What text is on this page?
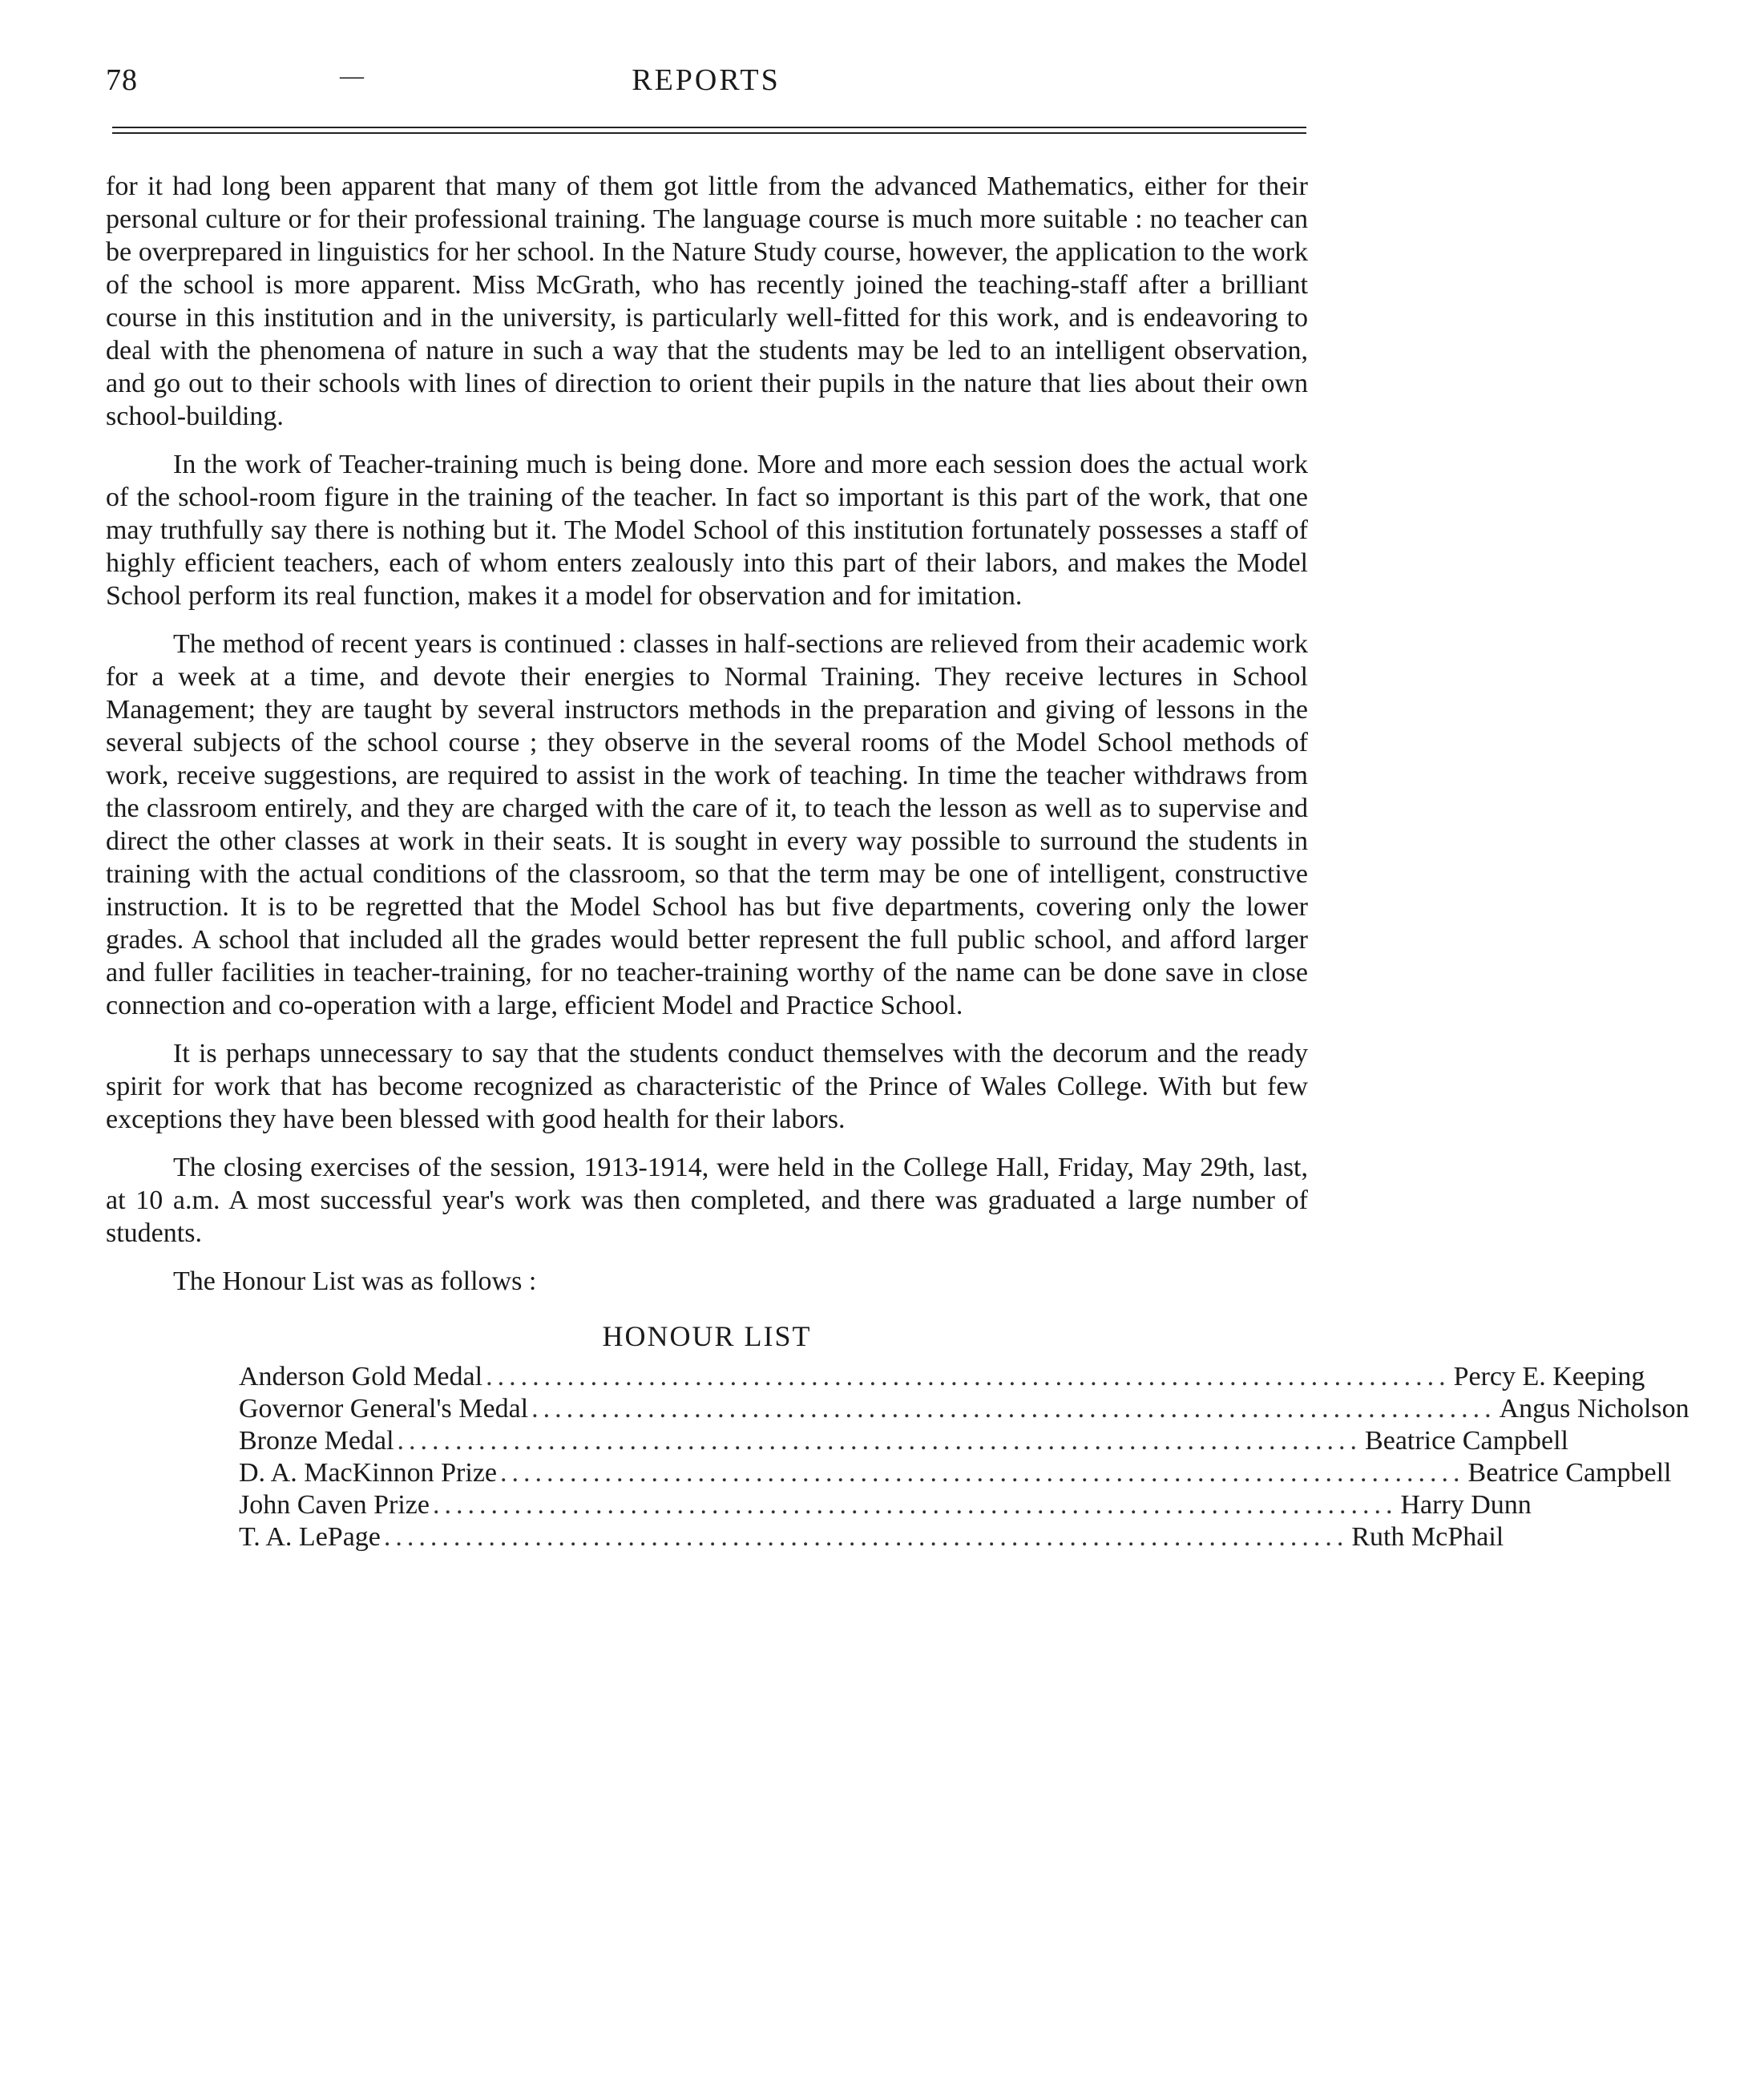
78	—	REPORTS

for it had long been apparent that many of them got little from the advanced Mathematics, either for their personal culture or for their professional training. The language course is much more suitable : no teacher can be overprepared in linguistics for her school. In the Nature Study course, however, the application to the work of the school is more apparent. Miss McGrath, who has recently joined the teaching-staff after a brilliant course in this institution and in the university, is particularly well-fitted for this work, and is endeavoring to deal with the phenomena of nature in such a way that the students may be led to an intelligent observation, and go out to their schools with lines of direction to orient their pupils in the nature that lies about their own school-building.

In the work of Teacher-training much is being done. More and more each session does the actual work of the school-room figure in the training of the teacher. In fact so important is this part of the work, that one may truthfully say there is nothing but it. The Model School of this institution fortunately possesses a staff of highly efficient teachers, each of whom enters zealously into this part of their labors, and makes the Model School perform its real function, makes it a model for observation and for imitation.

The method of recent years is continued : classes in half-sections are relieved from their academic work for a week at a time, and devote their energies to Normal Training. They receive lectures in School Management; they are taught by several instructors methods in the preparation and giving of lessons in the several subjects of the school course ; they observe in the several rooms of the Model School methods of work, receive suggestions, are required to assist in the work of teaching. In time the teacher withdraws from the classroom entirely, and they are charged with the care of it, to teach the lesson as well as to supervise and direct the other classes at work in their seats. It is sought in every way possible to surround the students in training with the actual conditions of the classroom, so that the term may be one of intelligent, constructive instruction. It is to be regretted that the Model School has but five departments, covering only the lower grades. A school that included all the grades would better represent the full public school, and afford larger and fuller facilities in teacher-training, for no teacher-training worthy of the name can be done save in close connection and co-operation with a large, efficient Model and Practice School.

It is perhaps unnecessary to say that the students conduct themselves with the decorum and the ready spirit for work that has become recognized as characteristic of the Prince of Wales College. With but few exceptions they have been blessed with good health for their labors.

The closing exercises of the session, 1913-1914, were held in the College Hall, Friday, May 29th, last, at 10 a.m. A most successful year's work was then completed, and there was graduated a large number of students.

The Honour List was as follows :

HONOUR LIST
Anderson Gold Medal ................................................................................... Percy E. Keeping
Governor General's Medal ................................................................................... Angus Nicholson
Bronze Medal ................................................................................... Beatrice Campbell
D. A. MacKinnon Prize ................................................................................... Beatrice Campbell
John Caven Prize ................................................................................... Harry Dunn
T. A. LePage ................................................................................... Ruth McPhail
